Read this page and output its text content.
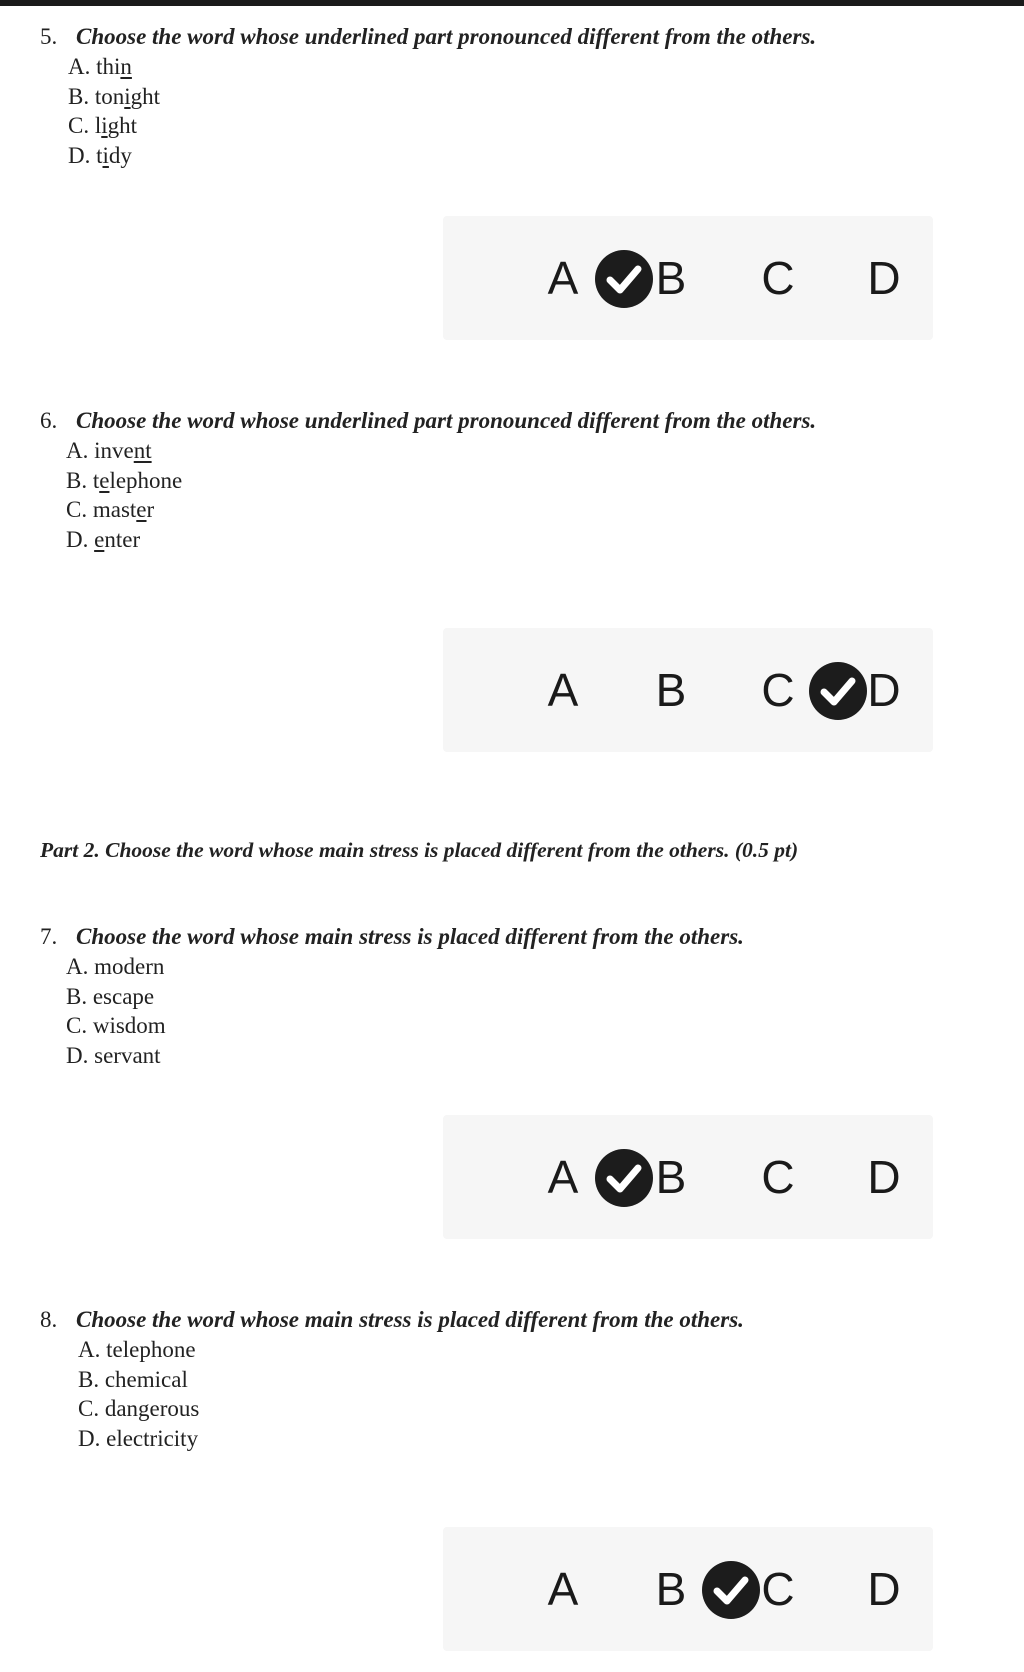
5. Choose the word whose underlined part pronounced different from the others.

A. thin
B. tonight
C. light
D. tidy
A B C D

6. Choose the word whose underlined part pronounced different from the others.

A. invent
B. telephone
C. master
D. enter
A B C D

Part 2. Choose the word whose main stress is placed different from the others. (0.5 pt)

7. Choose the word whose main stress is placed different from the others.

A. modern
B. escape
C. wisdom
D. servant
A B C D

8. Choose the word whose main stress is placed different from the others.

A. telephone
B. chemical
C. dangerous
D. electricity
A B C D
